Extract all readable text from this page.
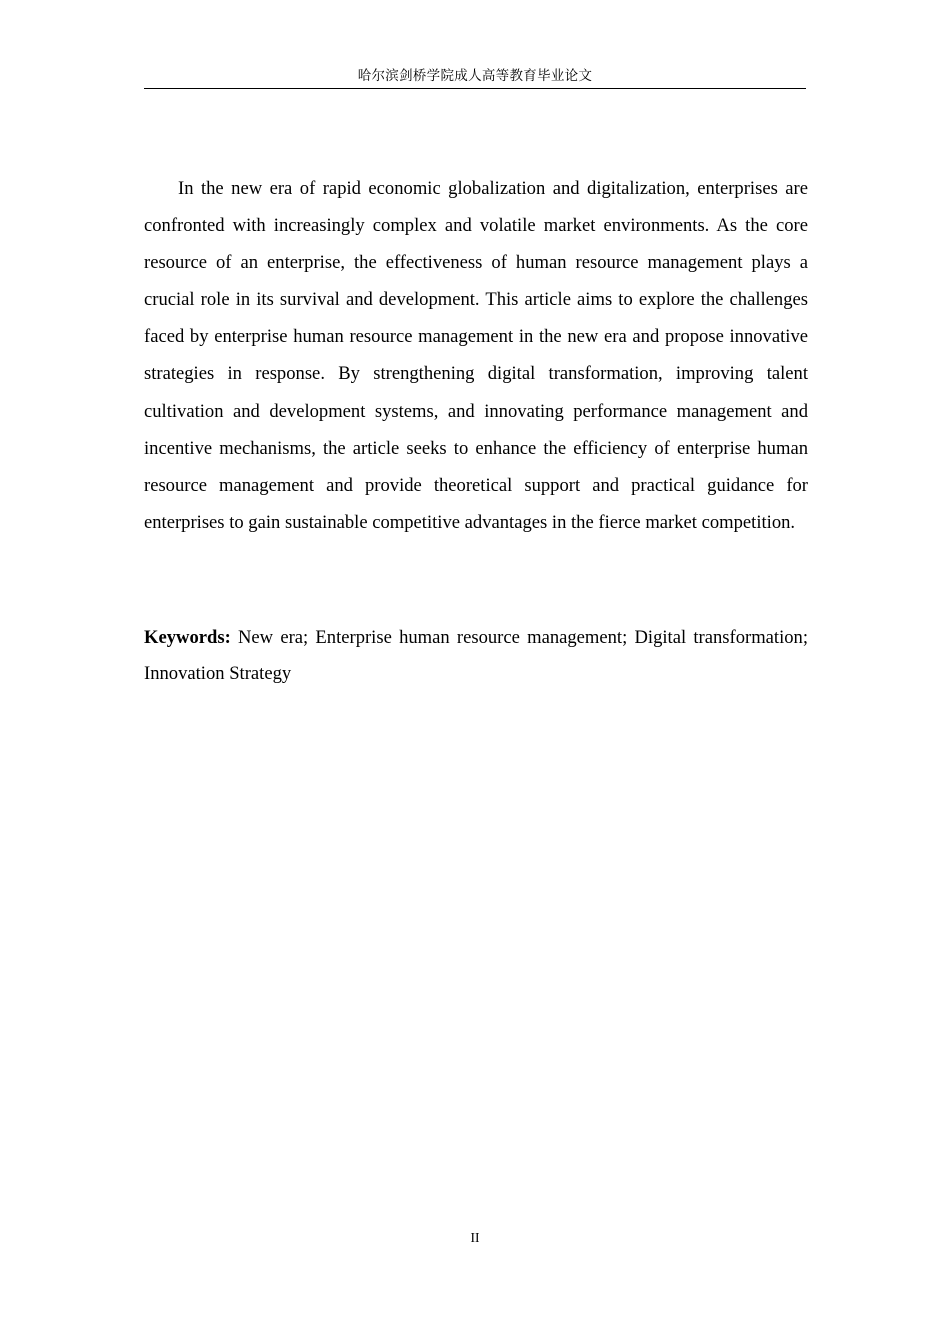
哈尔滨剑桥学院成人高等教育毕业论文

In the new era of rapid economic globalization and digitalization, enterprises are confronted with increasingly complex and volatile market environments. As the core resource of an enterprise, the effectiveness of human resource management plays a crucial role in its survival and development. This article aims to explore the challenges faced by enterprise human resource management in the new era and propose innovative strategies in response. By strengthening digital transformation, improving talent cultivation and development systems, and innovating performance management and incentive mechanisms, the article seeks to enhance the efficiency of enterprise human resource management and provide theoretical support and practical guidance for enterprises to gain sustainable competitive advantages in the fierce market competition.

Keywords: New era; Enterprise human resource management; Digital transformation; Innovation Strategy

II
